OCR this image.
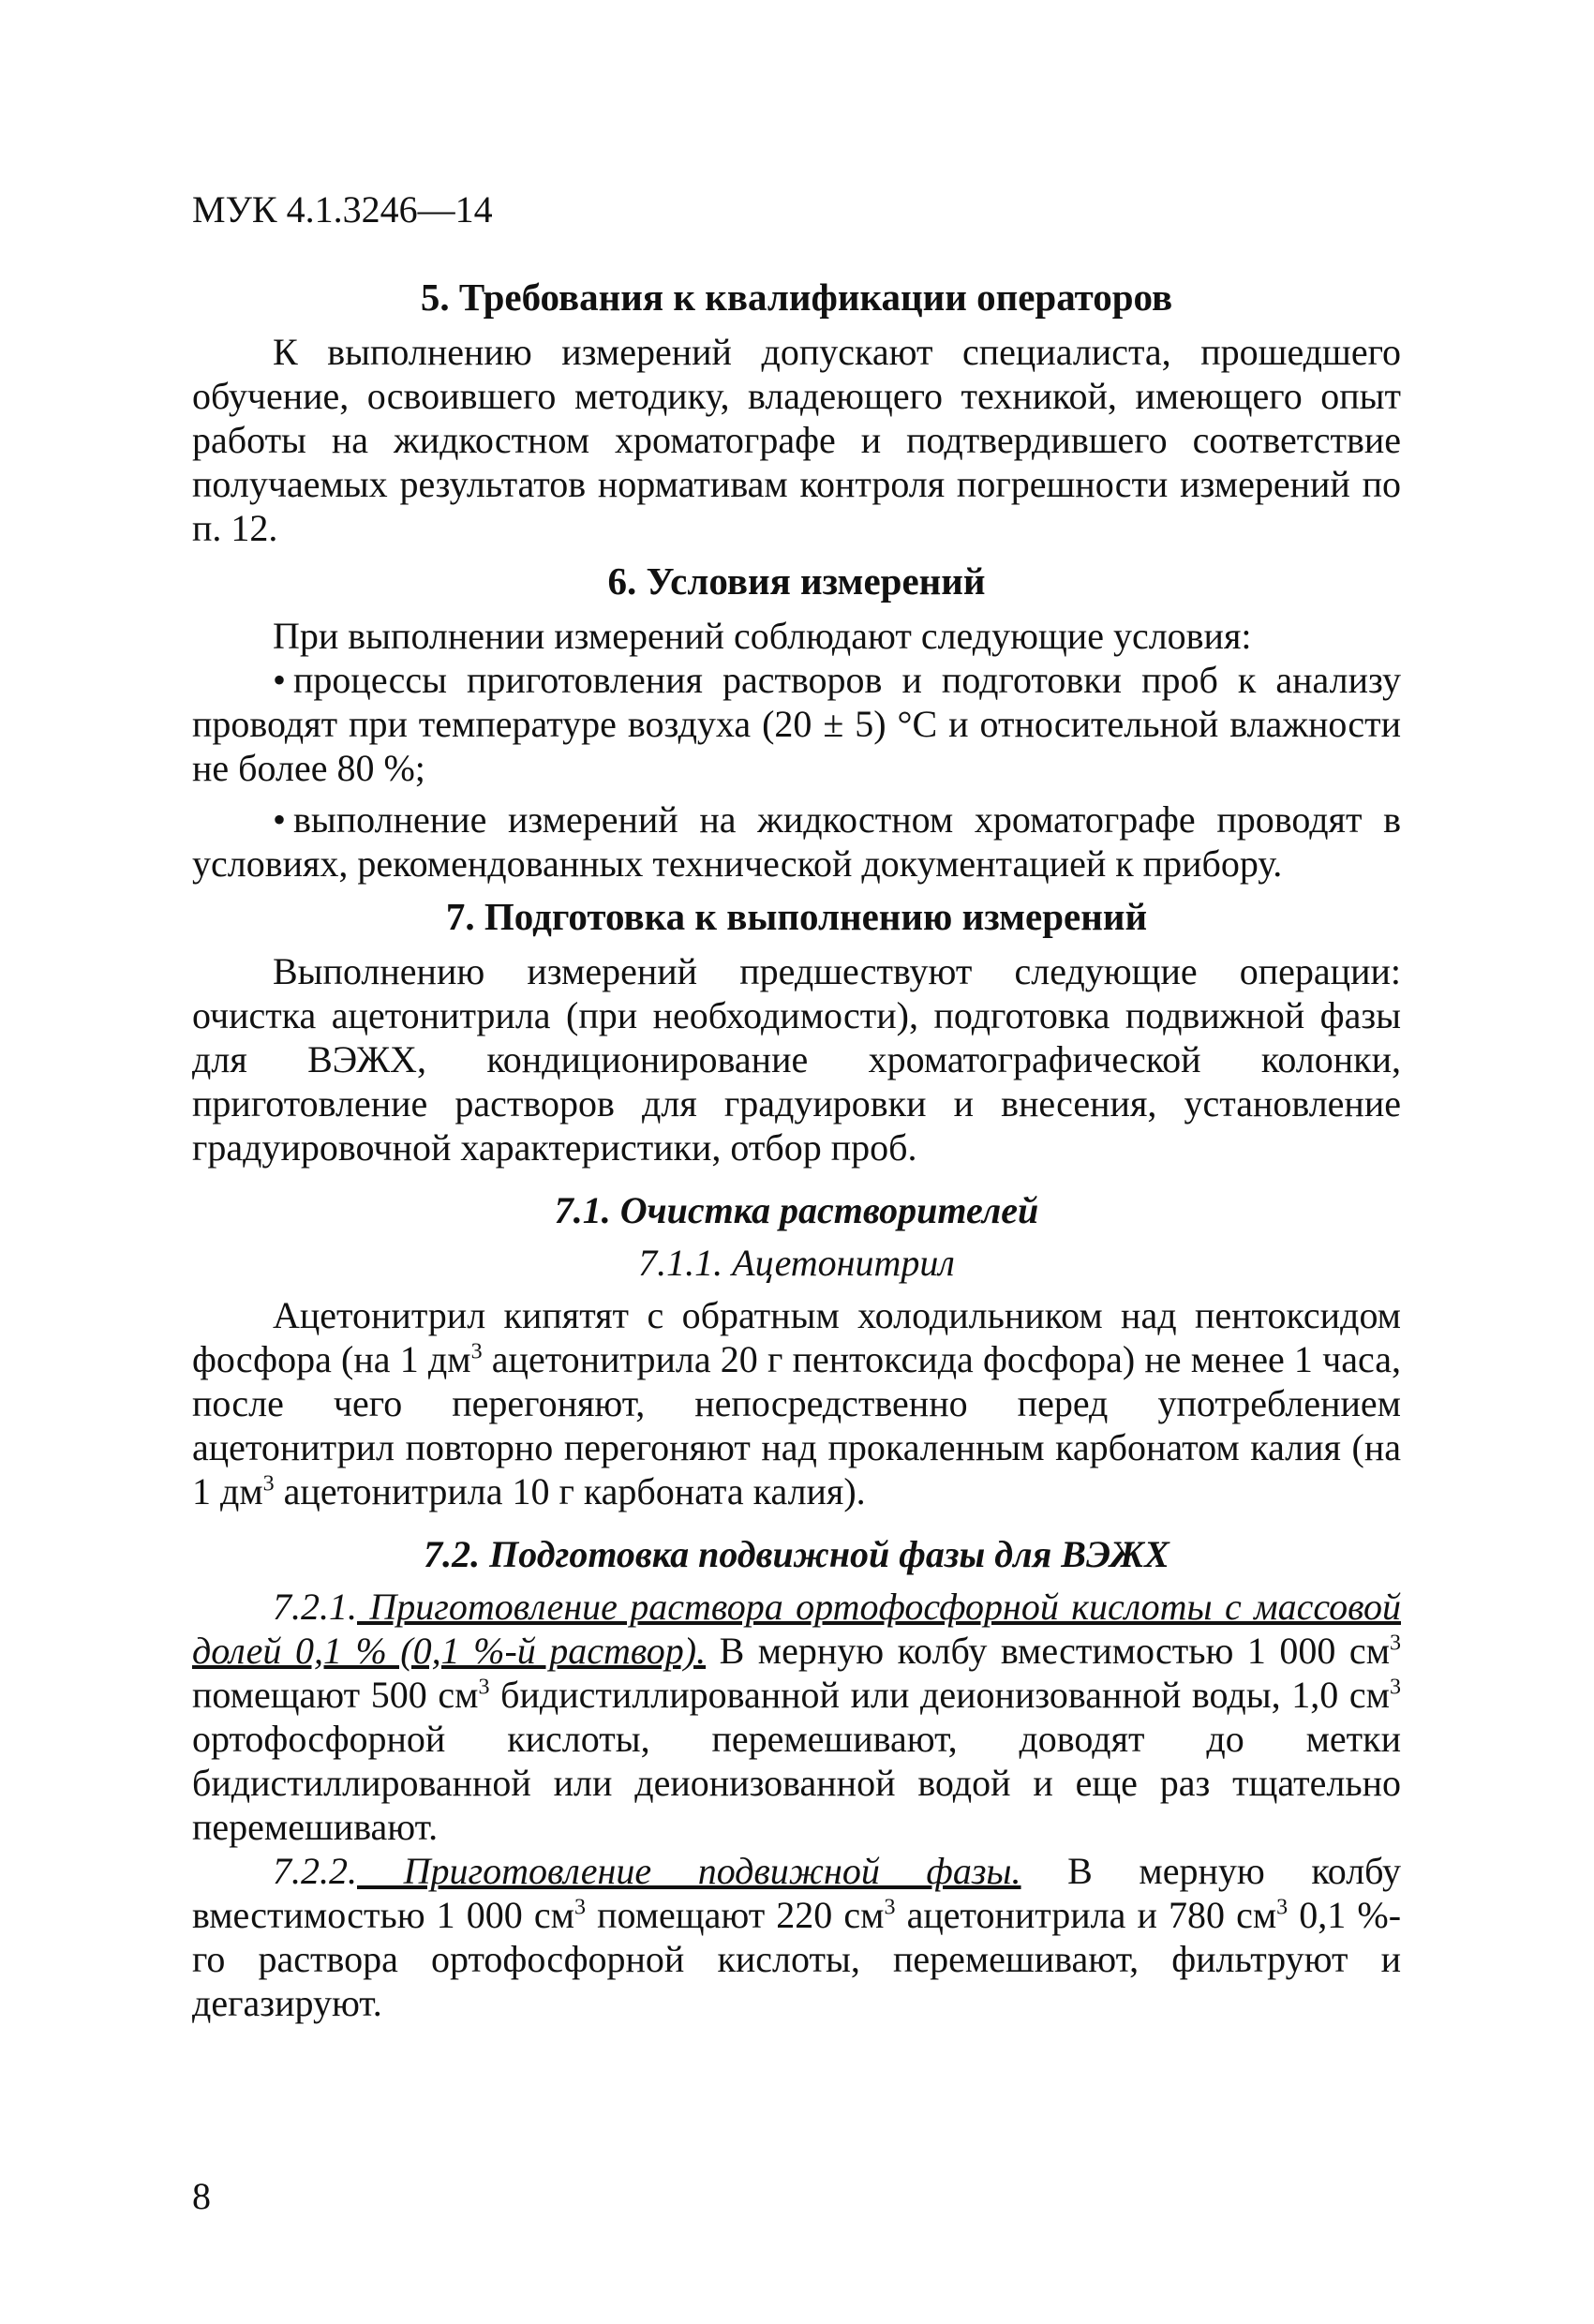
МУК 4.1.3246—14
5. Требования к квалификации операторов

К выполнению измерений допускают специалиста, прошедшего обучение, освоившего методику, владеющего техникой, имеющего опыт работы на жидкостном хроматографе и подтвердившего соответствие получаемых результатов нормативам контроля погрешности измерений по п. 12.

6. Условия измерений

При выполнении измерений соблюдают следующие условия:

• процессы приготовления растворов и подготовки проб к анализу проводят при температуре воздуха (20 ± 5) °С и относительной влажности не более 80 %;

• выполнение измерений на жидкостном хроматографе проводят в условиях, рекомендованных технической документацией к прибору.

7. Подготовка к выполнению измерений

Выполнению измерений предшествуют следующие операции: очистка ацетонитрила (при необходимости), подготовка подвижной фазы для ВЭЖХ, кондиционирование хроматографической колонки, приготовление растворов для градуировки и внесения, установление градуировочной характеристики, отбор проб.

7.1. Очистка растворителей
7.1.1. Ацетонитрил

Ацетонитрил кипятят с обратным холодильником над пентоксидом фосфора (на 1 $дм^3$ ацетонитрила 20 г пентоксида фосфора) не менее 1 часа, после чего перегоняют, непосредственно перед употреблением ацетонитрил повторно перегоняют над прокаленным карбонатом калия (на 1 $дм^3$ ацетонитрила 10 г карбоната калия).

7.2. Подготовка подвижной фазы для ВЭЖХ

7.2.1. Приготовление раствора ортофосфорной кислоты с массовой долей 0,1 % (0,1 %-й раствор). В мерную колбу вместимостью 1 000 $см^3$ помещают 500 $см^3$ бидистиллированной или деионизованной воды, 1,0 $см^3$ ортофосфорной кислоты, перемешивают, доводят до метки бидистиллированной или деионизованной водой и еще раз тщательно перемешивают.

7.2.2. Приготовление подвижной фазы. В мерную колбу вместимостью 1 000 $см^3$ помещают 220 $см^3$ ацетонитрила и 780 $см^3$ 0,1 %-го раствора ортофосфорной кислоты, перемешивают, фильтруют и дегазируют.

8
